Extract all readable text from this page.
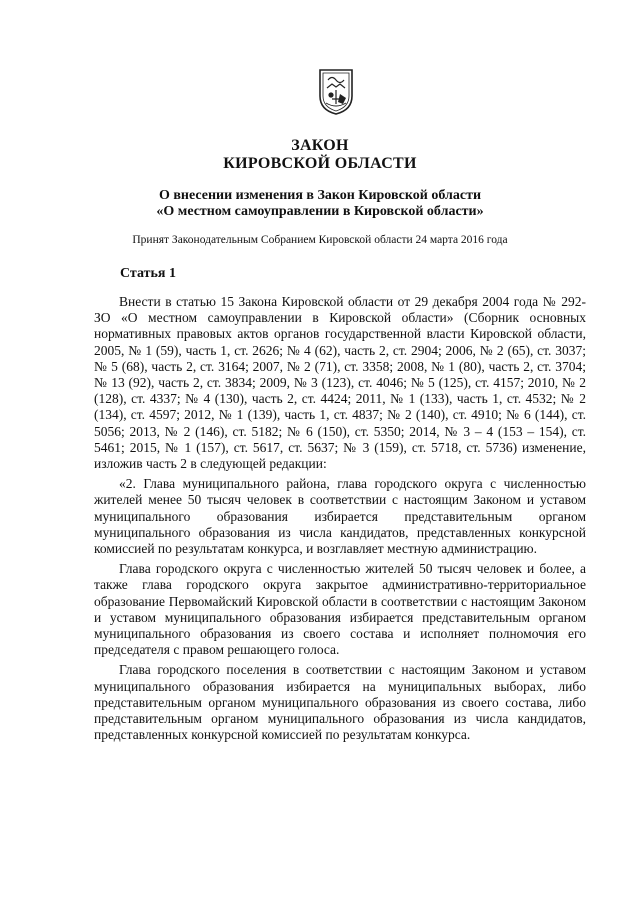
ЗАКОН
КИРОВСКОЙ ОБЛАСТИ
О внесении изменения в Закон Кировской области
«О местном самоуправлении в Кировской области»
Принят Законодательным Собранием Кировской области 24 марта 2016 года
Статья 1

Внести в статью 15 Закона Кировской области от 29 декабря 2004 года № 292-ЗО «О местном самоуправлении в Кировской области» (Сборник основных нормативных правовых актов органов государственной власти Кировской области, 2005, № 1 (59), часть 1, ст. 2626; № 4 (62), часть 2, ст. 2904; 2006, № 2 (65), ст. 3037; № 5 (68), часть 2, ст. 3164; 2007, № 2 (71), ст. 3358; 2008, № 1 (80), часть 2, ст. 3704; № 13 (92), часть 2, ст. 3834; 2009, № 3 (123), ст. 4046; № 5 (125), ст. 4157; 2010, № 2 (128), ст. 4337; № 4 (130), часть 2, ст. 4424; 2011, № 1 (133), часть 1, ст. 4532; № 2 (134), ст. 4597; 2012, № 1 (139), часть 1, ст. 4837; № 2 (140), ст. 4910; № 6 (144), ст. 5056; 2013, № 2 (146), ст. 5182; № 6 (150), ст. 5350; 2014, № 3 – 4 (153 – 154), ст. 5461; 2015, № 1 (157), ст. 5617, ст. 5637; № 3 (159), ст. 5718, ст. 5736) изменение, изложив часть 2 в следующей редакции:

«2. Глава муниципального района, глава городского округа с численностью жителей менее 50 тысяч человек в соответствии с настоящим Законом и уставом муниципального образования избирается представительным органом муниципального образования из числа кандидатов, представленных конкурсной комиссией по результатам конкурса, и возглавляет местную администрацию.

Глава городского округа с численностью жителей 50 тысяч человек и более, а также глава городского округа закрытое административно-территориальное образование Первомайский Кировской области в соответствии с настоящим Законом и уставом муниципального образования избирается представительным органом муниципального образования из своего состава и исполняет полномочия его председателя с правом решающего голоса.

Глава городского поселения в соответствии с настоящим Законом и уставом муниципального образования избирается на муниципальных выборах, либо представительным органом муниципального образования из своего состава, либо представительным органом муниципального образования из числа кандидатов, представленных конкурсной комиссией по результатам конкурса.
